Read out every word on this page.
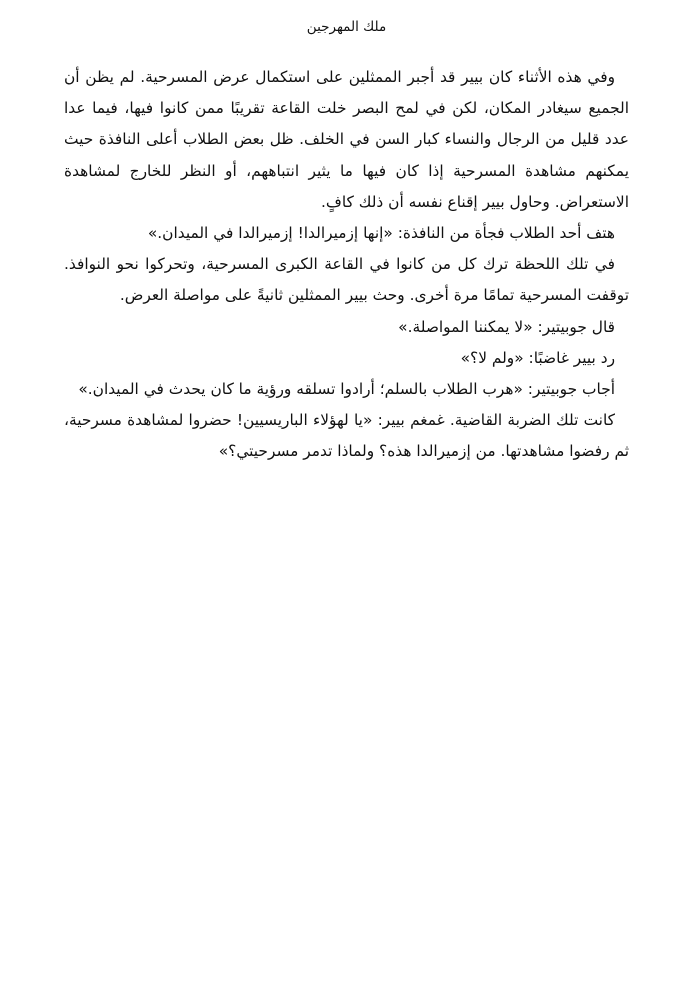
ملك المهرجين

وفي هذه الأثناء كان بيير قد أجبر الممثلين على استكمال عرض المسرحية. لم يظن أن الجميع سيغادر المكان، لكن في لمح البصر خلت القاعة تقريبًا ممن كانوا فيها، فيما عدا عدد قليل من الرجال والنساء كبار السن في الخلف. ظل بعض الطلاب أعلى النافذة حيث يمكنهم مشاهدة المسرحية إذا كان فيها ما يثير انتباههم، أو النظر للخارج لمشاهدة الاستعراض. وحاول بيير إقناع نفسه أن ذلك كافٍ.

هتف أحد الطلاب فجأة من النافذة: «إنها إزميرالدا! إزميرالدا في الميدان.»

في تلك اللحظة ترك كل من كانوا في القاعة الكبرى المسرحية، وتحركوا نحو النوافذ. توقفت المسرحية تمامًا مرة أخرى. وحث بيير الممثلين ثانيةً على مواصلة العرض.

قال جوبيتير: «لا يمكننا المواصلة.»

رد بيير غاضبًا: «ولم لا؟»

أجاب جوبيتير: «هرب الطلاب بالسلم؛ أرادوا تسلقه ورؤية ما كان يحدث في الميدان.»

كانت تلك الضربة القاضية. غمغم بيير: «يا لهؤلاء الباريسيين! حضروا لمشاهدة مسرحية، ثم رفضوا مشاهدتها. من إزميرالدا هذه؟ ولماذا تدمر مسرحيتي؟»
